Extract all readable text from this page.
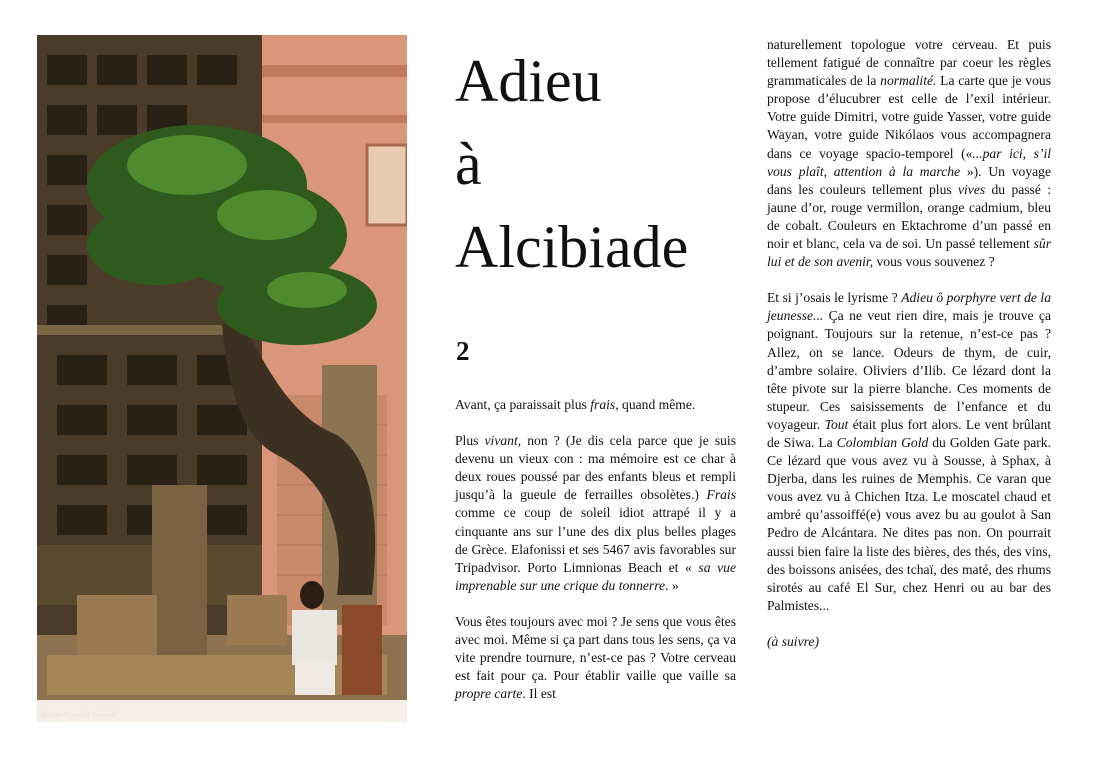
©Jean-François Paillard
Adieu
à
Alcibiade
2

Avant, ça paraissait plus frais, quand même.

Plus vivant, non ? (Je dis cela parce que je suis devenu un vieux con : ma mémoire est ce char à deux roues poussé par des enfants bleus et rempli jusqu’à la gueule de ferrailles obsolètes.) Frais comme ce coup de soleil idiot attrapé il y a cinquante ans sur l’une des dix plus belles plages de Grèce. Elafonissi et ses 5467 avis favorables sur Tripadvisor. Porto Limnionas Beach et « sa vue imprenable sur une crique du tonnerre. »

Vous êtes toujours avec moi ? Je sens que vous êtes avec moi. Même si ça part dans tous les sens, ça va vite prendre tournure, n’est-ce pas ? Votre cerveau est fait pour ça. Pour établir vaille que vaille sa propre carte. Il est

naturellement topologue votre cerveau. Et puis tellement fatigué de connaître par coeur les règles grammaticales de la normalité. La carte que je vous propose d’élucubrer est celle de l’exil intérieur. Votre guide Dimitri, votre guide Yasser, votre guide Wayan, votre guide Nikólaos vous accompagnera dans ce voyage spacio-temporel («...par ici, s’il vous plaît, attention à la marche »). Un voyage dans les couleurs tellement plus vives du passé : jaune d’or, rouge vermillon, orange cadmium, bleu de cobalt. Couleurs en Ektachrome d’un passé en noir et blanc, cela va de soi. Un passé tellement sûr lui et de son avenir, vous vous souvenez ?

Et si j’osais le lyrisme ? Adieu ô porphyre vert de la jeunesse... Ça ne veut rien dire, mais je trouve ça poignant. Toujours sur la retenue, n’est-ce pas ? Allez, on se lance. Odeurs de thym, de cuir, d’ambre solaire. Oliviers d’Ilib. Ce lézard dont la tête pivote sur la pierre blanche. Ces moments de stupeur. Ces saisissements de l’enfance et du voyageur. Tout était plus fort alors. Le vent brûlant de Siwa. La Colombian Gold du Golden Gate park. Ce lézard que vous avez vu à Sousse, à Sphax, à Djerba, dans les ruines de Memphis. Ce varan que vous avez vu à Chichen Itza. Le moscatel chaud et ambré qu’assoiffé(e) vous avez bu au goulot à San Pedro de Alcántara. Ne dites pas non. On pourrait aussi bien faire la liste des bières, des thés, des vins, des boissons anisées, des tchaï, des maté, des rhums sirotés au café El Sur, chez Henri ou au bar des Palmistes...

(à suivre)
